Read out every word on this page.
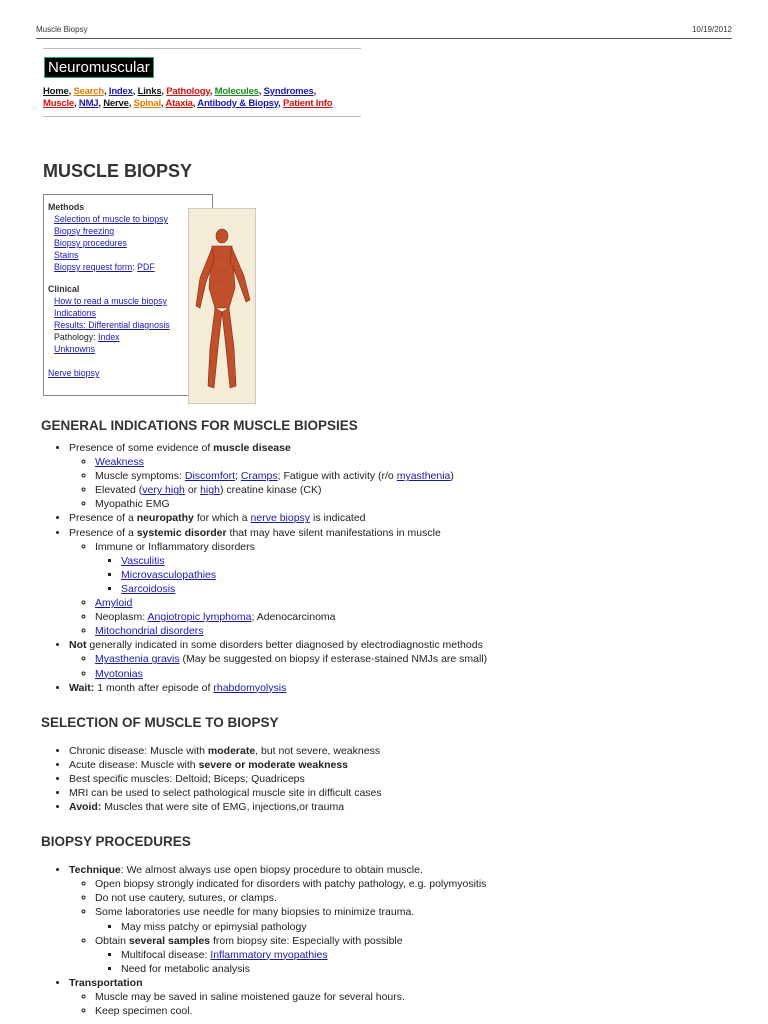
Muscle Biopsy	10/19/2012
Neuromuscular
Home, Search, Index, Links, Pathology, Molecules, Syndromes,
Muscle, NMJ, Nerve, Spinal, Ataxia, Antibody & Biopsy, Patient Info
MUSCLE BIOPSY
Methods

Selection of muscle to biopsy
Biopsy freezing
Biopsy procedures
Stains
Biopsy request form: PDF
Clinical

How to read a muscle biopsy
Indications
Results: Differential diagnosis
Pathology: Index
Unknowns
Nerve biopsy
GENERAL INDICATIONS FOR MUSCLE BIOPSIES
• Presence of some evidence of muscle disease
◦ Weakness
◦ Muscle symptoms: Discomfort; Cramps; Fatigue with activity (r/o myasthenia)
◦ Elevated (very high or high) creatine kinase (CK)
◦ Myopathic EMG
• Presence of a neuropathy for which a nerve biopsy is indicated
• Presence of a systemic disorder that may have silent manifestations in muscle
◦ Immune or Inflammatory disorders
▪ Vasculitis
▪ Microvasculopathies
▪ Sarcoidosis
◦ Amyloid
◦ Neoplasm: Angiotropic lymphoma; Adenocarcinoma
◦ Mitochondrial disorders
• Not generally indicated in some disorders better diagnosed by electrodiagnostic methods
◦ Myasthenia gravis (May be suggested on biopsy if esterase-stained NMJs are small)
◦ Myotonias
• Wait: 1 month after episode of rhabdomyolysis
SELECTION OF MUSCLE TO BIOPSY
• Chronic disease: Muscle with moderate, but not severe, weakness
• Acute disease: Muscle with severe or moderate weakness
• Best specific muscles: Deltoid; Biceps; Quadriceps
• MRI can be used to select pathological muscle site in difficult cases
• Avoid: Muscles that were site of EMG, injections,or trauma
BIOPSY PROCEDURES
• Technique: We almost always use open biopsy procedure to obtain muscle.
◦ Open biopsy strongly indicated for disorders with patchy pathology, e.g. polymyositis
◦ Do not use cautery, sutures, or clamps.
◦ Some laboratories use needle for many biopsies to minimize trauma.
▪ May miss patchy or epimysial pathology
◦ Obtain several samples from biopsy site: Especially with possible
▪ Multifocal disease: Inflammatory myopathies
▪ Need for metabolic analysis
• Transportation
◦ Muscle may be saved in saline moistened gauze for several hours.
◦ Keep specimen cool.
